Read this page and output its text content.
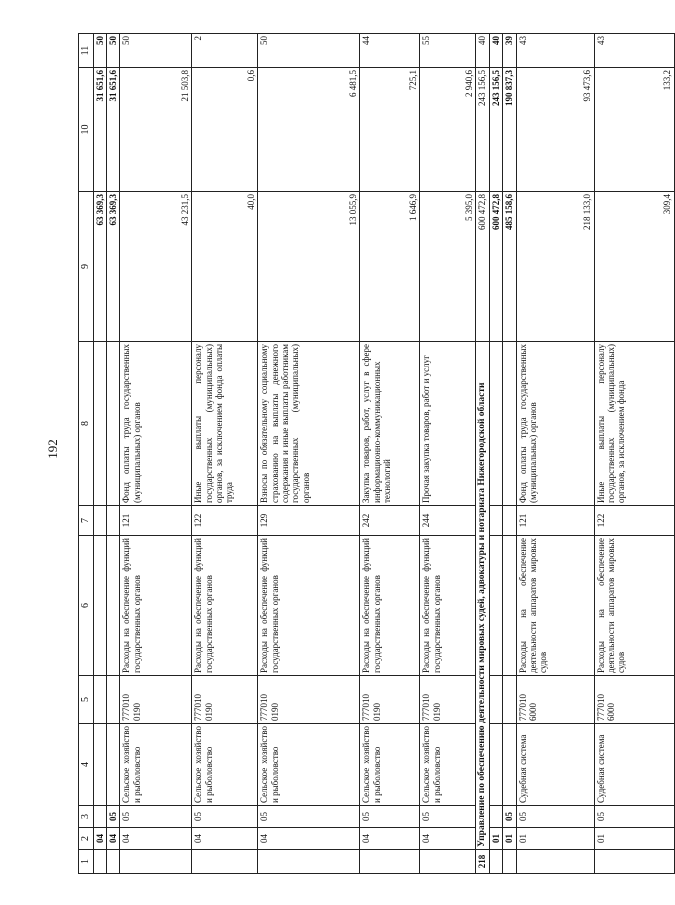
192
1	2	3	4	5	6	7	8	9	10	11
	04							63 369,3	31 651,6	50
	04	05						63 369,3	31 651,6	50
	04	05	Сельское хозяйство и рыболовство	777010 0190	Расходы на обеспечение функций государственных органов	121	Фонд оплаты труда государственных (муниципальных) органов	43 231,5	21 503,8	50
	04	05	Сельское хозяйство и рыболовство	777010 0190	Расходы на обеспечение функций государственных органов	122	Иные выплаты персоналу государственных (муниципальных) органов, за исключением фонда оплаты труда	40,0	0,6	2
	04	05	Сельское хозяйство и рыболовство	777010 0190	Расходы на обеспечение функций государственных органов	129	Взносы по обязательному социальному страхованию на выплаты денежного содержания и иные выплаты работникам государственных (муниципальных) органов	13 055,9	6 481,5	50
	04	05	Сельское хозяйство и рыболовство	777010 0190	Расходы на обеспечение функций государственных органов	242	Закупка товаров, работ, услуг в сфере информационно-коммуникационных технологий	1 646,9	725,1	44
	04	05	Сельское хозяйство и рыболовство	777010 0190	Расходы на обеспечение функций государственных органов	244	Прочая закупка товаров, работ и услуг	5 395,0	2 940,6	55
218	Управление по обеспечению деятельности мировых судей, адвокатуры и нотариата Нижегородской области							600 472,8	243 156,5	40
	01							600 472,8	243 156,5	40
	01	05						485 158,6	190 837,3	39
	01	05	Судебная система	777010 6000	Расходы на обеспечение деятельности аппаратов мировых судов	121	Фонд оплаты труда государственных (муниципальных) органов	218 133,0	93 473,6	43
	01	05	Судебная система	777010 6000	Расходы на обеспечение деятельности аппаратов мировых судов	122	Иные выплаты персоналу государственных (муниципальных) органов, за исключением фонда	309,4	133,2	43
